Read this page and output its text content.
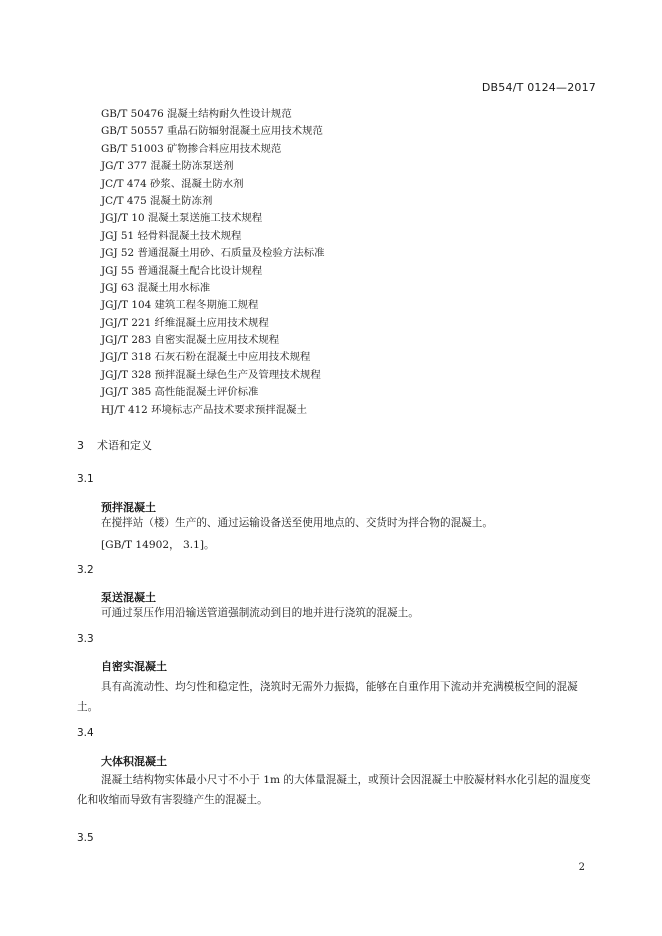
DB54/T 0124—2017
GB/T 50476 混凝土结构耐久性设计规范
GB/T 50557 重晶石防辐射混凝土应用技术规范
GB/T 51003 矿物掺合料应用技术规范
JG/T 377 混凝土防冻泵送剂
JC/T 474 砂浆、混凝土防水剂
JC/T 475 混凝土防冻剂
JGJ/T 10 混凝土泵送施工技术规程
JGJ 51 轻骨料混凝土技术规程
JGJ 52 普通混凝土用砂、石质量及检验方法标准
JGJ 55 普通混凝土配合比设计规程
JGJ 63 混凝土用水标准
JGJ/T 104 建筑工程冬期施工规程
JGJ/T 221 纤维混凝土应用技术规程
JGJ/T 283 自密实混凝土应用技术规程
JGJ/T 318 石灰石粉在混凝土中应用技术规程
JGJ/T 328 预拌混凝土绿色生产及管理技术规程
JGJ/T 385 高性能混凝土评价标准
HJ/T 412 环境标志产品技术要求预拌混凝土
3 术语和定义
3.1
预拌混凝土
在搅拌站（楼）生产的、通过运输设备送至使用地点的、交货时为拌合物的混凝土。
[GB/T 14902， 3.1]。
3.2
泵送混凝土
可通过泵压作用沿输送管道强制流动到目的地并进行浇筑的混凝土。
3.3
自密实混凝土
具有高流动性、均匀性和稳定性，浇筑时无需外力振捣，能够在自重作用下流动并充满模板空间的混凝土。
3.4
大体积混凝土
混凝土结构物实体最小尺寸不小于 1m 的大体量混凝土，或预计会因混凝土中胶凝材料水化引起的温度变化和收缩而导致有害裂缝产生的混凝土。
3.5
2
